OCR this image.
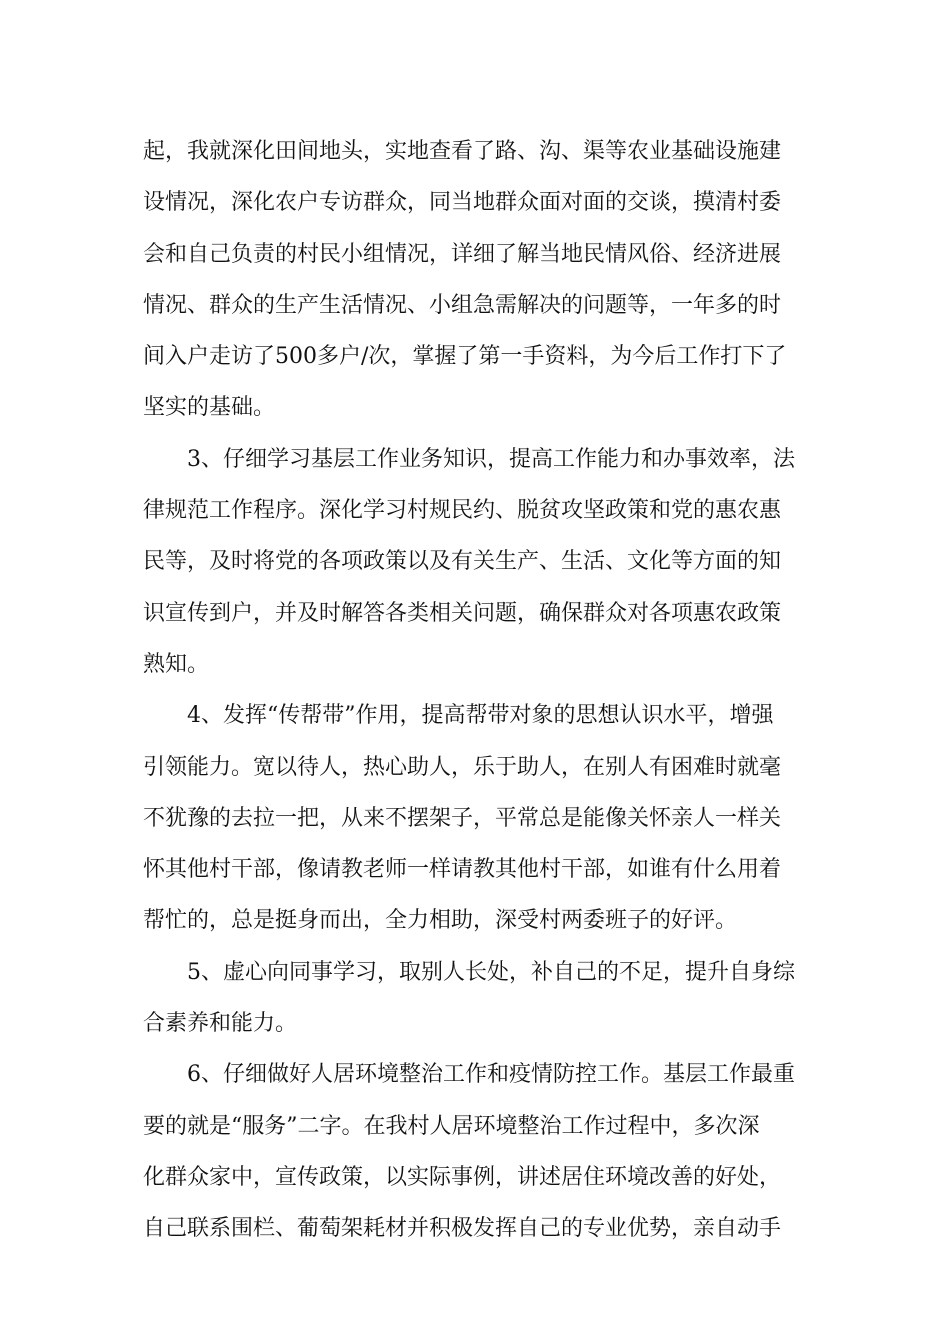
起，我就深化田间地头，实地查看了路、沟、渠等农业基础设施建
设情况，深化农户专访群众，同当地群众面对面的交谈，摸清村委
会和自己负责的村民小组情况，详细了解当地民情风俗、经济进展
情况、群众的生产生活情况、小组急需解决的问题等，一年多的时
间入户走访了500多户/次，掌握了第一手资料，为今后工作打下了
坚实的基础。
3、仔细学习基层工作业务知识，提高工作能力和办事效率，法
律规范工作程序。深化学习村规民约、脱贫攻坚政策和党的惠农惠
民等，及时将党的各项政策以及有关生产、生活、文化等方面的知
识宣传到户，并及时解答各类相关问题，确保群众对各项惠农政策
熟知。
4、发挥“传帮带”作用，提高帮带对象的思想认识水平，增强
引领能力。宽以待人，热心助人，乐于助人，在别人有困难时就毫
不犹豫的去拉一把，从来不摆架子，平常总是能像关怀亲人一样关
怀其他村干部，像请教老师一样请教其他村干部，如谁有什么用着
帮忙的，总是挺身而出，全力相助，深受村两委班子的好评。
5、虚心向同事学习，取别人长处，补自己的不足，提升自身综
合素养和能力。
6、仔细做好人居环境整治工作和疫情防控工作。基层工作最重
要的就是“服务”二字。在我村人居环境整治工作过程中，多次深
化群众家中，宣传政策，以实际事例，讲述居住环境改善的好处，
自己联系围栏、葡萄架耗材并积极发挥自己的专业优势，亲自动手
